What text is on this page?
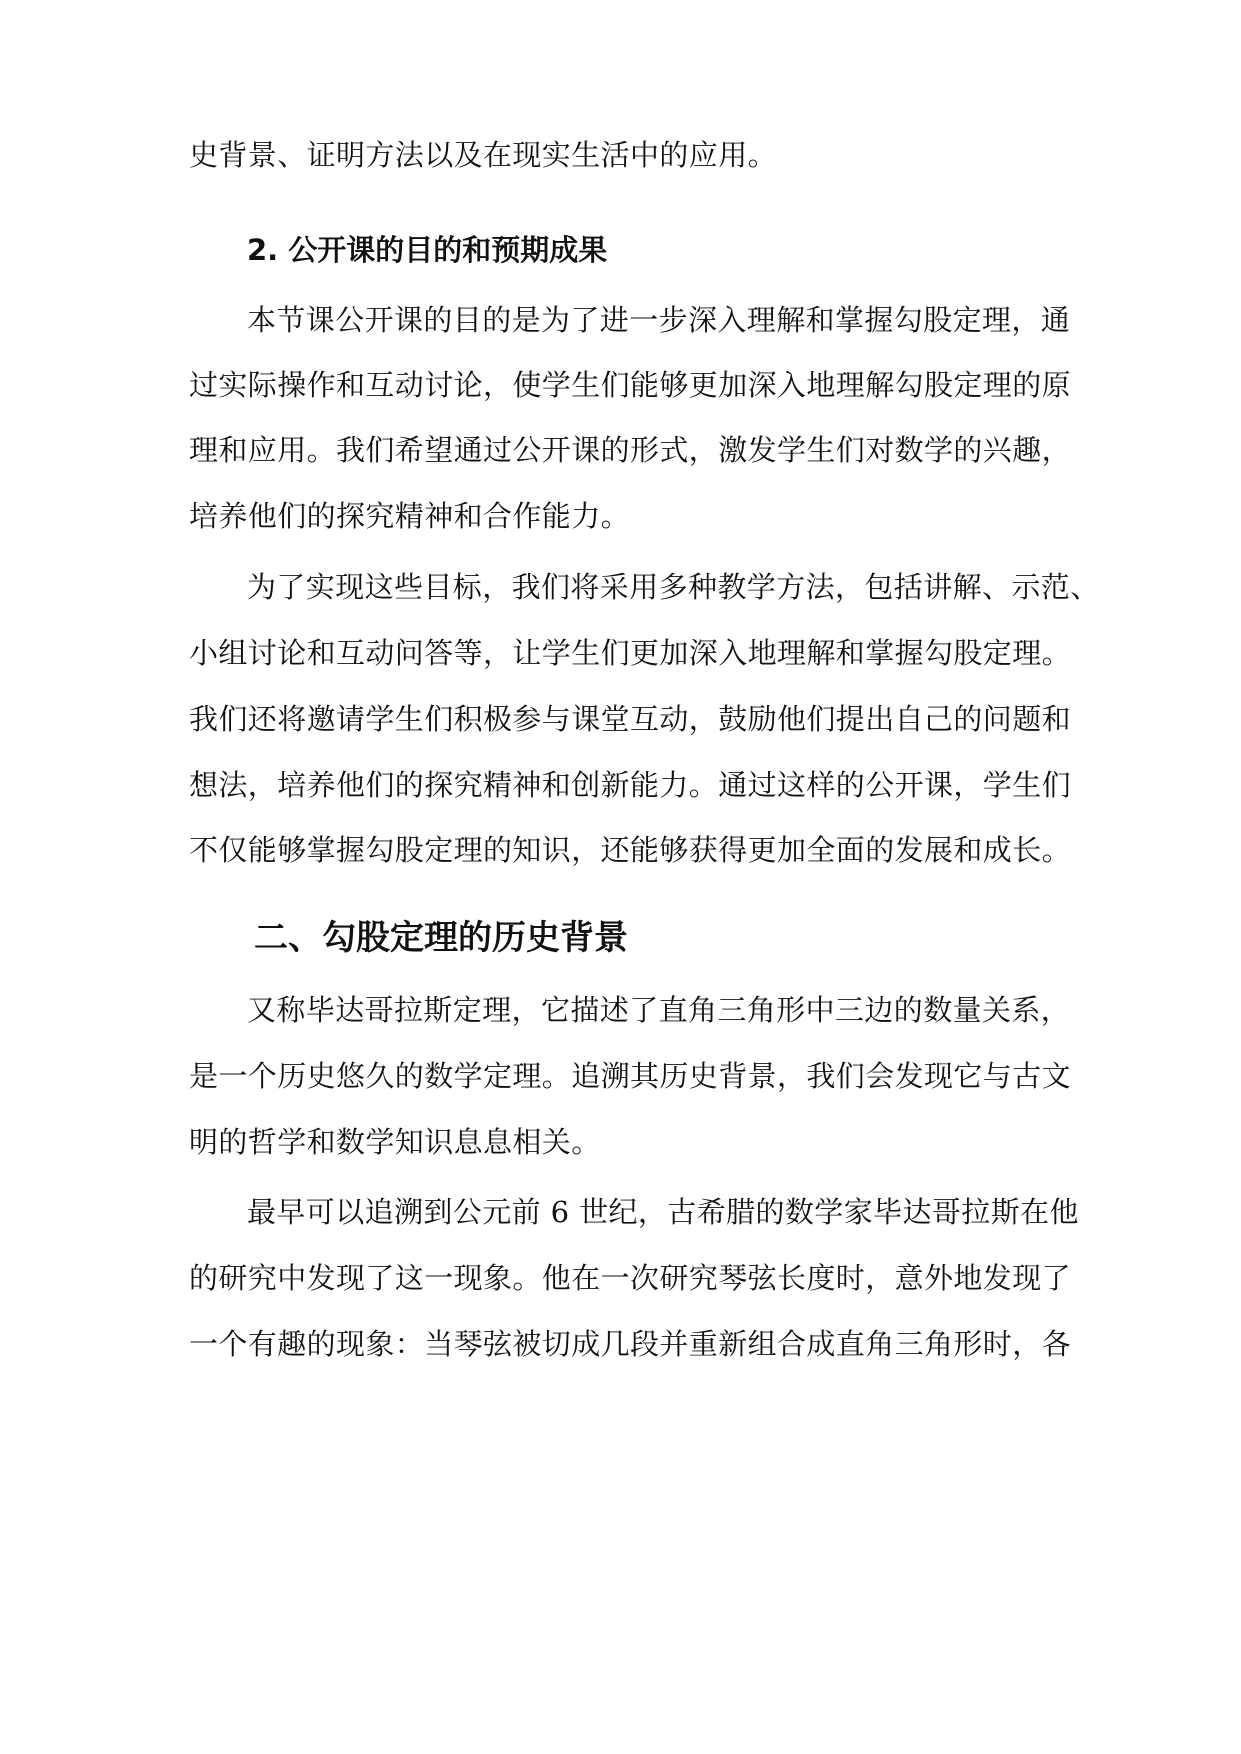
史背景、证明方法以及在现实生活中的应用。
2. 公开课的目的和预期成果
本节课公开课的目的是为了进一步深入理解和掌握勾股定理，通
过实际操作和互动讨论，使学生们能够更加深入地理解勾股定理的原
理和应用。我们希望通过公开课的形式，激发学生们对数学的兴趣，
培养他们的探究精神和合作能力。
为了实现这些目标，我们将采用多种教学方法，包括讲解、示范、
小组讨论和互动问答等，让学生们更加深入地理解和掌握勾股定理。
我们还将邀请学生们积极参与课堂互动，鼓励他们提出自己的问题和
想法，培养他们的探究精神和创新能力。通过这样的公开课，学生们
不仅能够掌握勾股定理的知识，还能够获得更加全面的发展和成长。
二、勾股定理的历史背景
又称毕达哥拉斯定理，它描述了直角三角形中三边的数量关系，
是一个历史悠久的数学定理。追溯其历史背景，我们会发现它与古文
明的哲学和数学知识息息相关。
最早可以追溯到公元前 6 世纪，古希腊的数学家毕达哥拉斯在他
的研究中发现了这一现象。他在一次研究琴弦长度时，意外地发现了
一个有趣的现象：当琴弦被切成几段并重新组合成直角三角形时，各
